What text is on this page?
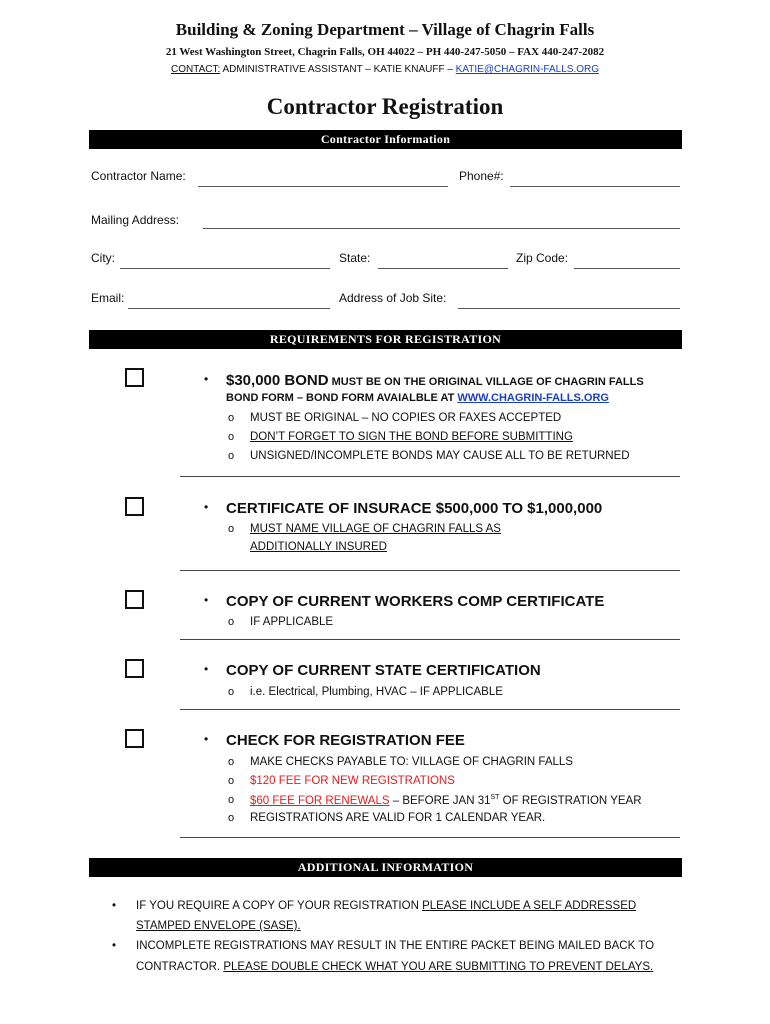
Building & Zoning Department – Village of Chagrin Falls
21 West Washington Street, Chagrin Falls, OH 44022 – PH 440-247-5050 – FAX 440-247-2082
CONTACT: ADMINISTRATIVE ASSISTANT – KATIE KNAUFF – KATIE@CHAGRIN-FALLS.ORG
Contractor Registration
Contractor Information
Contractor Name:	Phone#:
Mailing Address:
City:	State:	Zip Code:
Email:	Address of Job Site:
REQUIREMENTS FOR REGISTRATION
• $30,000 BOND MUST BE ON THE ORIGINAL VILLAGE OF CHAGRIN FALLS
BOND FORM – BOND FORM AVAIALBLE AT WWW.CHAGRIN-FALLS.ORG
o MUST BE ORIGINAL – NO COPIES OR FAXES ACCEPTED
o DON’T FORGET TO SIGN THE BOND BEFORE SUBMITTING
o UNSIGNED/INCOMPLETE BONDS MAY CAUSE ALL TO BE RETURNED
• CERTIFICATE OF INSURACE $500,000 TO $1,000,000
o MUST NAME VILLAGE OF CHAGRIN FALLS AS
ADDITIONALLY INSURED
• COPY OF CURRENT WORKERS COMP CERTIFICATE
o IF APPLICABLE
• COPY OF CURRENT STATE CERTIFICATION
o i.e. Electrical, Plumbing, HVAC – IF APPLICABLE
• CHECK FOR REGISTRATION FEE
o MAKE CHECKS PAYABLE TO: VILLAGE OF CHAGRIN FALLS
o $120 FEE FOR NEW REGISTRATIONS
o $60 FEE FOR RENEWALS – BEFORE JAN 31ST OF REGISTRATION YEAR
o REGISTRATIONS ARE VALID FOR 1 CALENDAR YEAR.
ADDITIONAL INFORMATION
• IF YOU REQUIRE A COPY OF YOUR REGISTRATION PLEASE INCLUDE A SELF ADDRESSED
STAMPED ENVELOPE (SASE).
• INCOMPLETE REGISTRATIONS MAY RESULT IN THE ENTIRE PACKET BEING MAILED BACK TO
CONTRACTOR. PLEASE DOUBLE CHECK WHAT YOU ARE SUBMITTING TO PREVENT DELAYS.
